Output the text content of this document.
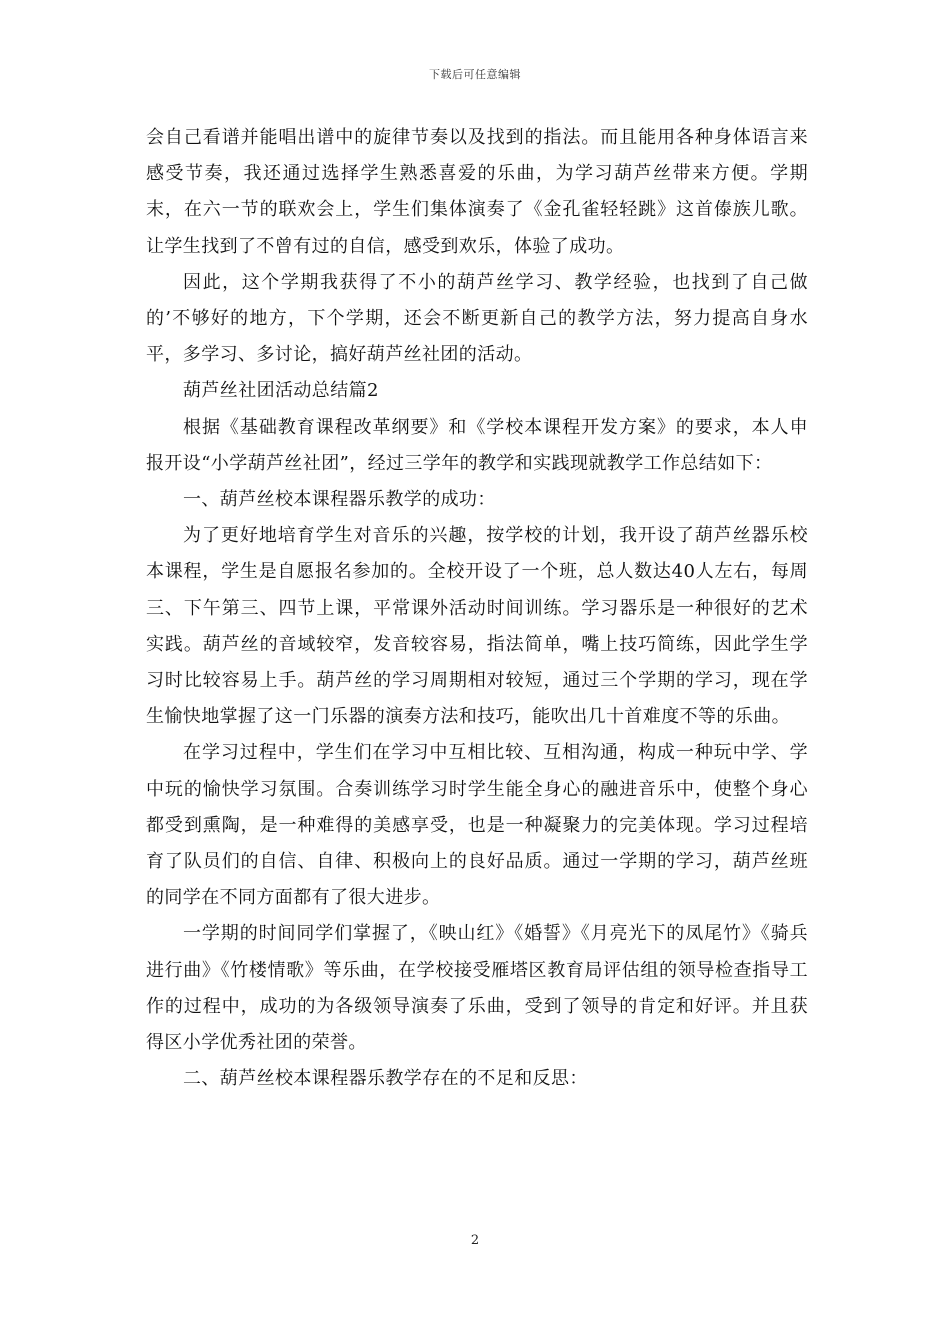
下载后可任意编辑

会自己看谱并能唱出谱中的旋律节奏以及找到的指法。而且能用各种身体语言来感受节奏，我还通过选择学生熟悉喜爱的乐曲，为学习葫芦丝带来方便。学期末，在六一节的联欢会上，学生们集体演奏了《金孔雀轻轻跳》这首傣族儿歌。让学生找到了不曾有过的自信，感受到欢乐，体验了成功。

因此，这个学期我获得了不小的葫芦丝学习、教学经验，也找到了自己做的’不够好的地方，下个学期，还会不断更新自己的教学方法，努力提高自身水平，多学习、多讨论，搞好葫芦丝社团的活动。

葫芦丝社团活动总结篇2

根据《基础教育课程改革纲要》和《学校本课程开发方案》的要求，本人申报开设“小学葫芦丝社团”，经过三学年的教学和实践现就教学工作总结如下：

一、葫芦丝校本课程器乐教学的成功：

为了更好地培育学生对音乐的兴趣，按学校的计划，我开设了葫芦丝器乐校本课程，学生是自愿报名参加的。全校开设了一个班，总人数达40人左右，每周三、下午第三、四节上课，平常课外活动时间训练。学习器乐是一种很好的艺术实践。葫芦丝的音域较窄，发音较容易，指法简单，嘴上技巧简练，因此学生学习时比较容易上手。葫芦丝的学习周期相对较短，通过三个学期的学习，现在学生愉快地掌握了这一门乐器的演奏方法和技巧，能吹出几十首难度不等的乐曲。

在学习过程中，学生们在学习中互相比较、互相沟通，构成一种玩中学、学中玩的愉快学习氛围。合奏训练学习时学生能全身心的融进音乐中，使整个身心都受到熏陶，是一种难得的美感享受，也是一种凝聚力的完美体现。学习过程培育了队员们的自信、自律、积极向上的良好品质。通过一学期的学习，葫芦丝班的同学在不同方面都有了很大进步。

一学期的时间同学们掌握了，《映山红》《婚誓》《月亮光下的凤尾竹》《骑兵进行曲》《竹楼情歌》等乐曲，在学校接受雁塔区教育局评估组的领导检查指导工作的过程中，成功的为各级领导演奏了乐曲，受到了领导的肯定和好评。并且获得区小学优秀社团的荣誉。

二、葫芦丝校本课程器乐教学存在的不足和反思：

2
